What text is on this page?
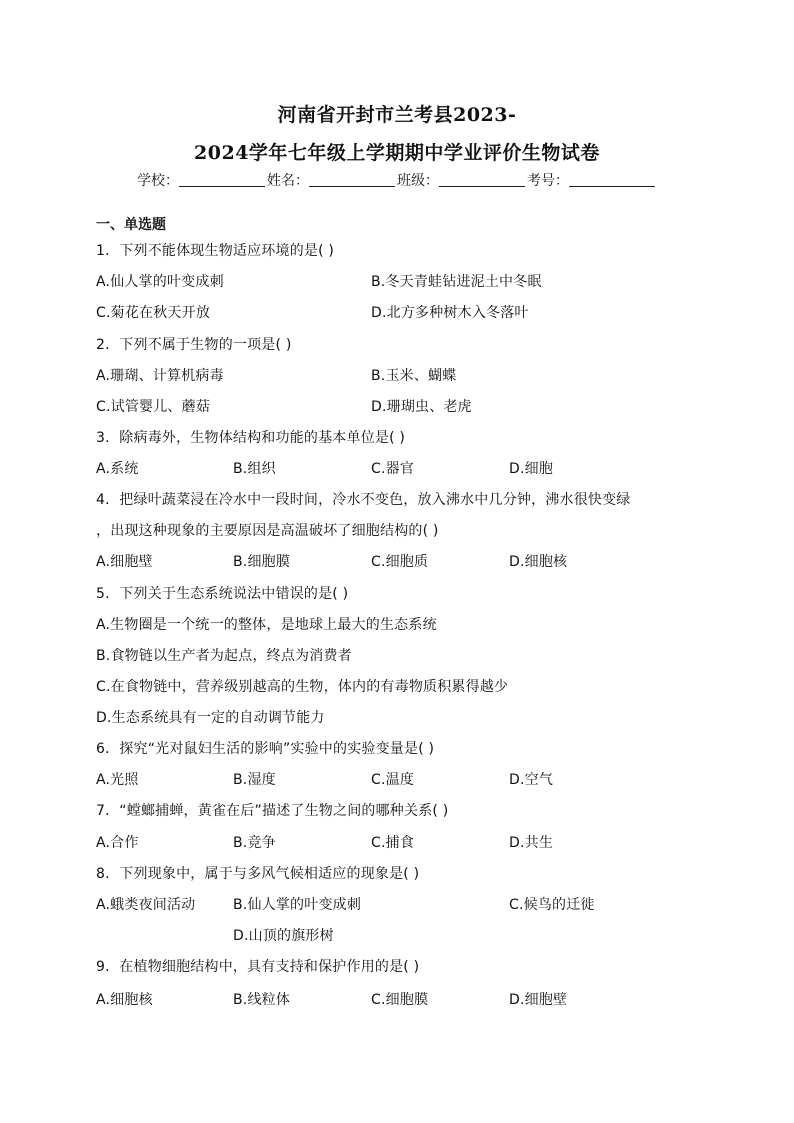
河南省开封市兰考县2023-
2024学年七年级上学期期中学业评价生物试卷
学校：	姓名：	班级：	考号：
一、单选题
1．下列不能体现生物适应环境的是( )
A.仙人掌的叶变成刺	B.冬天青蛙钻进泥土中冬眠
C.菊花在秋天开放	D.北方多种树木入冬落叶
2．下列不属于生物的一项是( )
A.珊瑚、计算机病毒	B.玉米、蝴蝶
C.试管婴儿、蘑菇	D.珊瑚虫、老虎
3．除病毒外，生物体结构和功能的基本单位是( )
A.系统	B.组织	C.器官	D.细胞
4．把绿叶蔬菜浸在冷水中一段时间，冷水不变色，放入沸水中几分钟，沸水很快变绿
，出现这种现象的主要原因是高温破坏了细胞结构的( )
A.细胞壁	B.细胞膜	C.细胞质	D.细胞核
5．下列关于生态系统说法中错误的是( )
A.生物圈是一个统一的整体，是地球上最大的生态系统
B.食物链以生产者为起点，终点为消费者
C.在食物链中，营养级别越高的生物，体内的有毒物质积累得越少
D.生态系统具有一定的自动调节能力
6．探究“光对鼠妇生活的影响”实验中的实验变量是( )
A.光照	B.湿度	C.温度	D.空气
7．“螳螂捕蝉，黄雀在后”描述了生物之间的哪种关系( )
A.合作	B.竞争	C.捕食	D.共生
8．下列现象中，属于与多风气候相适应的现象是( )
A.蛾类夜间活动	B.仙人掌的叶变成刺	C.候鸟的迁徙
D.山顶的旗形树
9．在植物细胞结构中，具有支持和保护作用的是( )
A.细胞核	B.线粒体	C.细胞膜	D.细胞壁
